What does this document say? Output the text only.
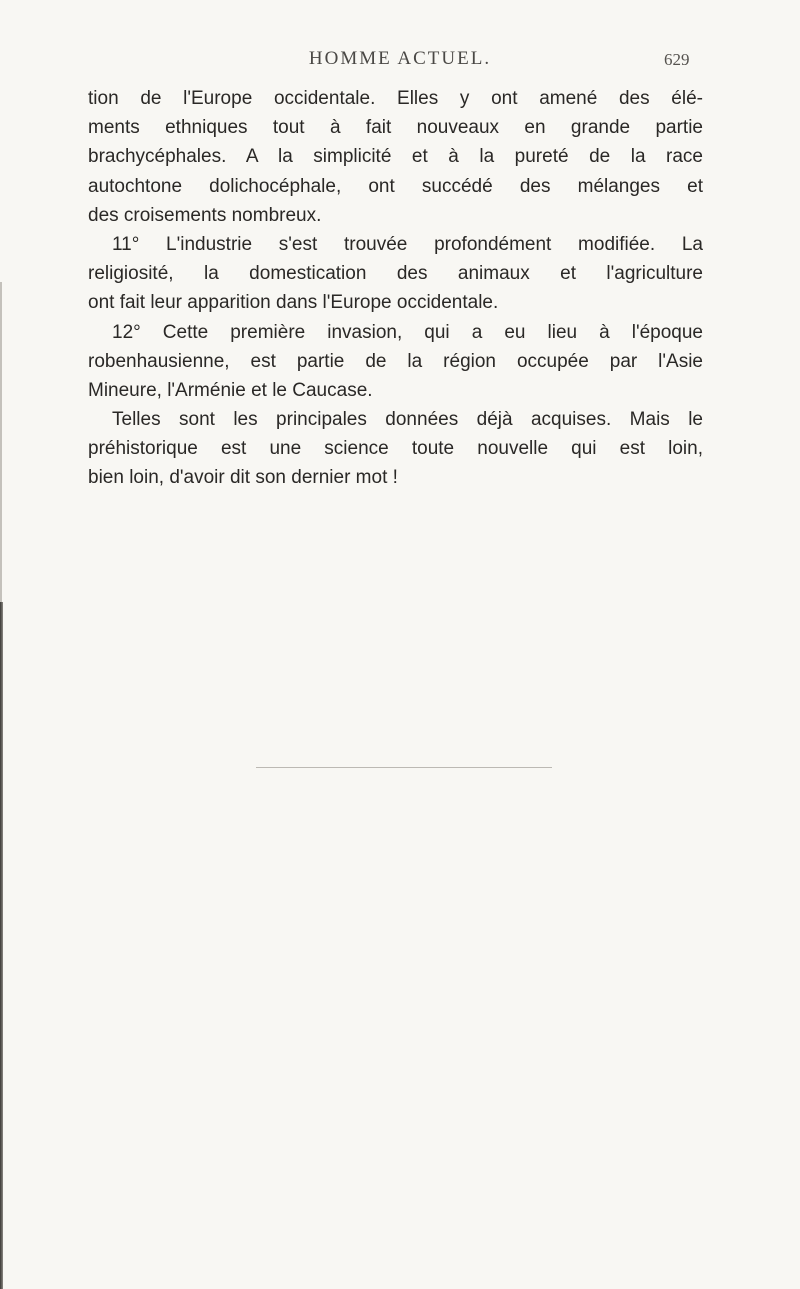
HOMME ACTUEL.	629
tion de l'Europe occidentale. Elles y ont amené des élé-
ments ethniques tout à fait nouveaux en grande partie
brachycéphales. A la simplicité et à la pureté de la race
autochtone dolichocéphale, ont succédé des mélanges et
des croisements nombreux.
11° L'industrie s'est trouvée profondément modifiée. La
religiosité, la domestication des animaux et l'agriculture
ont fait leur apparition dans l'Europe occidentale.
12° Cette première invasion, qui a eu lieu à l'époque
robenhausienne, est partie de la région occupée par l'Asie
Mineure, l'Arménie et le Caucase.
Telles sont les principales données déjà acquises. Mais le
préhistorique est une science toute nouvelle qui est loin,
bien loin, d'avoir dit son dernier mot !
